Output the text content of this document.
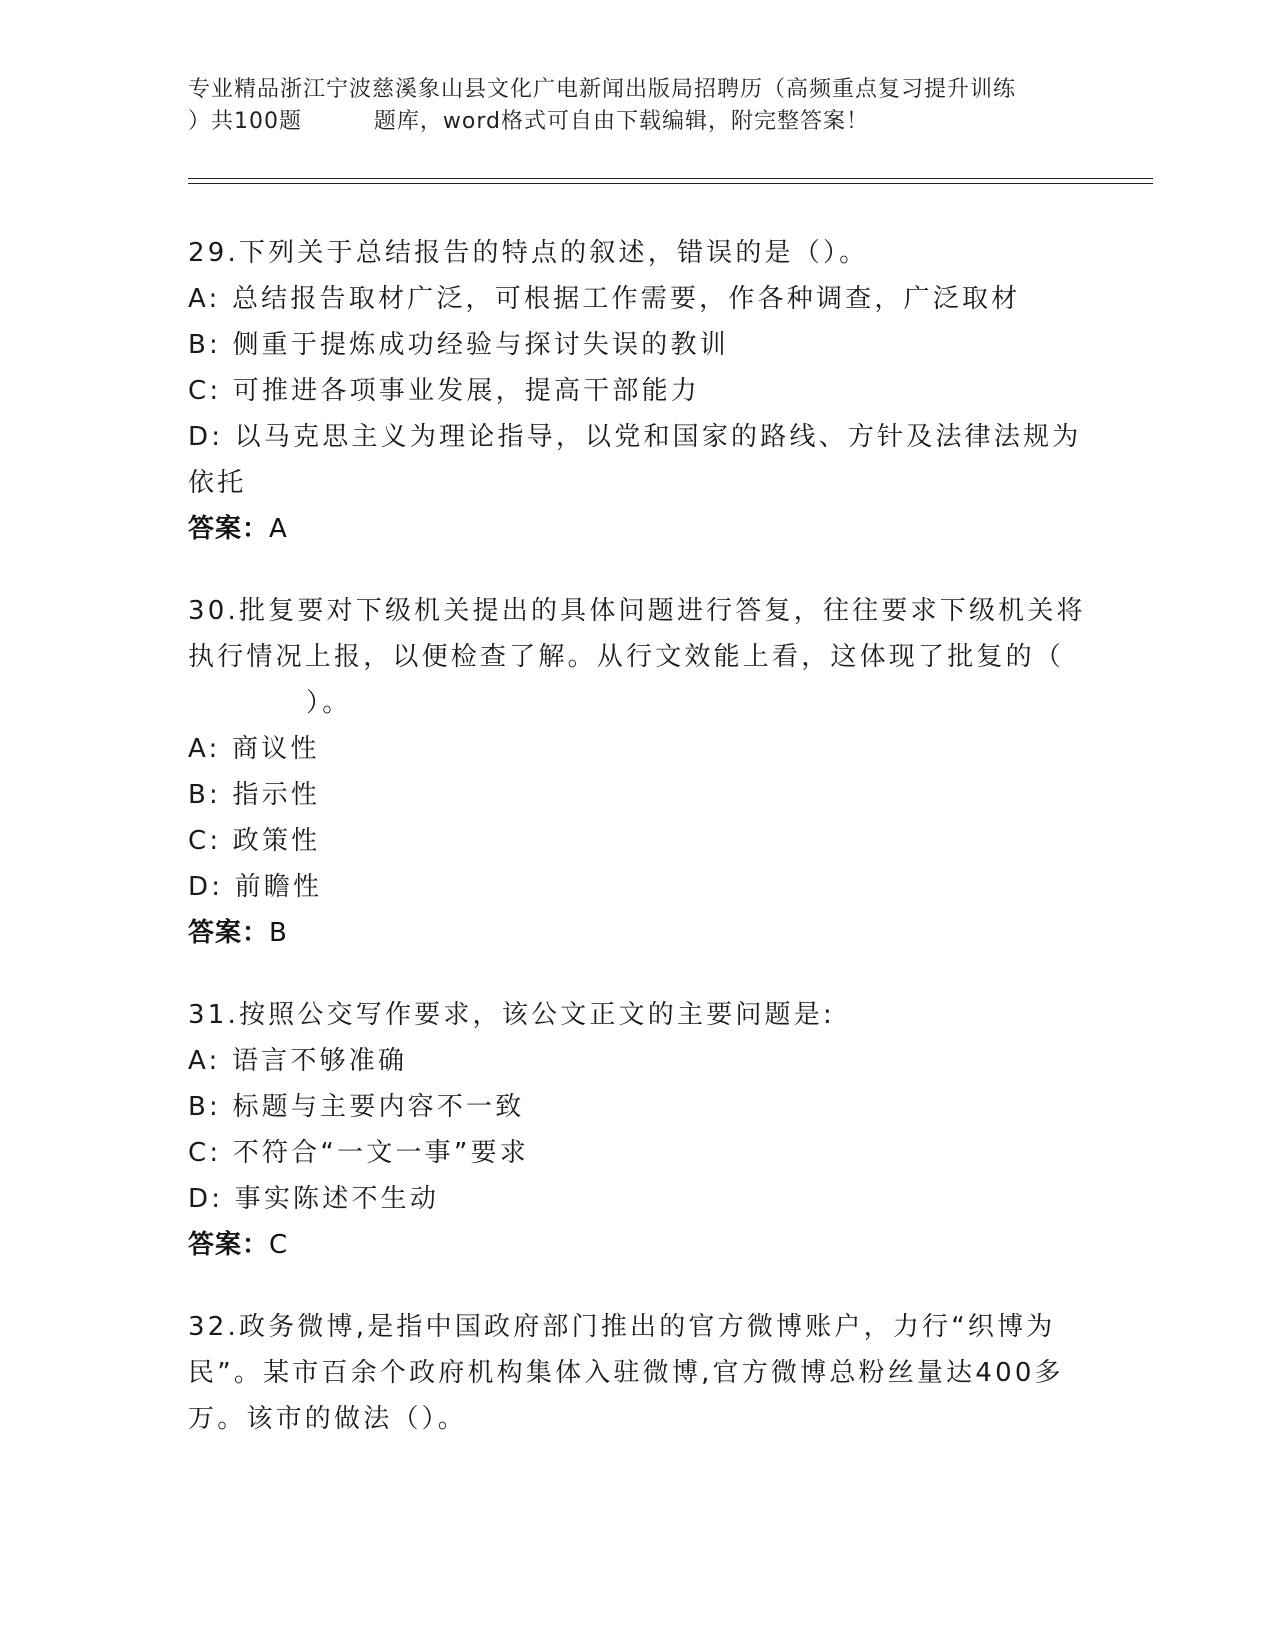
专业精品浙江宁波慈溪象山县文化广电新闻出版局招聘历（高频重点复习提升训练
）共100题         题库，word格式可自由下载编辑，附完整答案！

29.下列关于总结报告的特点的叙述，错误的是（）。

A: 总结报告取材广泛，可根据工作需要，作各种调查，广泛取材

B: 侧重于提炼成功经验与探讨失误的教训

C: 可推进各项事业发展，提高干部能力

D: 以马克思主义为理论指导，以党和国家的路线、方针及法律法规为依托

答案：A

30.批复要对下级机关提出的具体问题进行答复，往往要求下级机关将执行情况上报，以便检查了解。从行文效能上看，这体现了批复的（

）。

A: 商议性

B: 指示性

C: 政策性

D: 前瞻性

答案：B

31.按照公交写作要求，该公文正文的主要问题是:

A: 语言不够准确

B: 标题与主要内容不一致

C: 不符合“一文一事”要求

D: 事实陈述不生动

答案：C

32.政务微博,是指中国政府部门推出的官方微博账户，力行“织博为民”。某市百余个政府机构集体入驻微博,官方微博总粉丝量达400多万。该市的做法（）。
